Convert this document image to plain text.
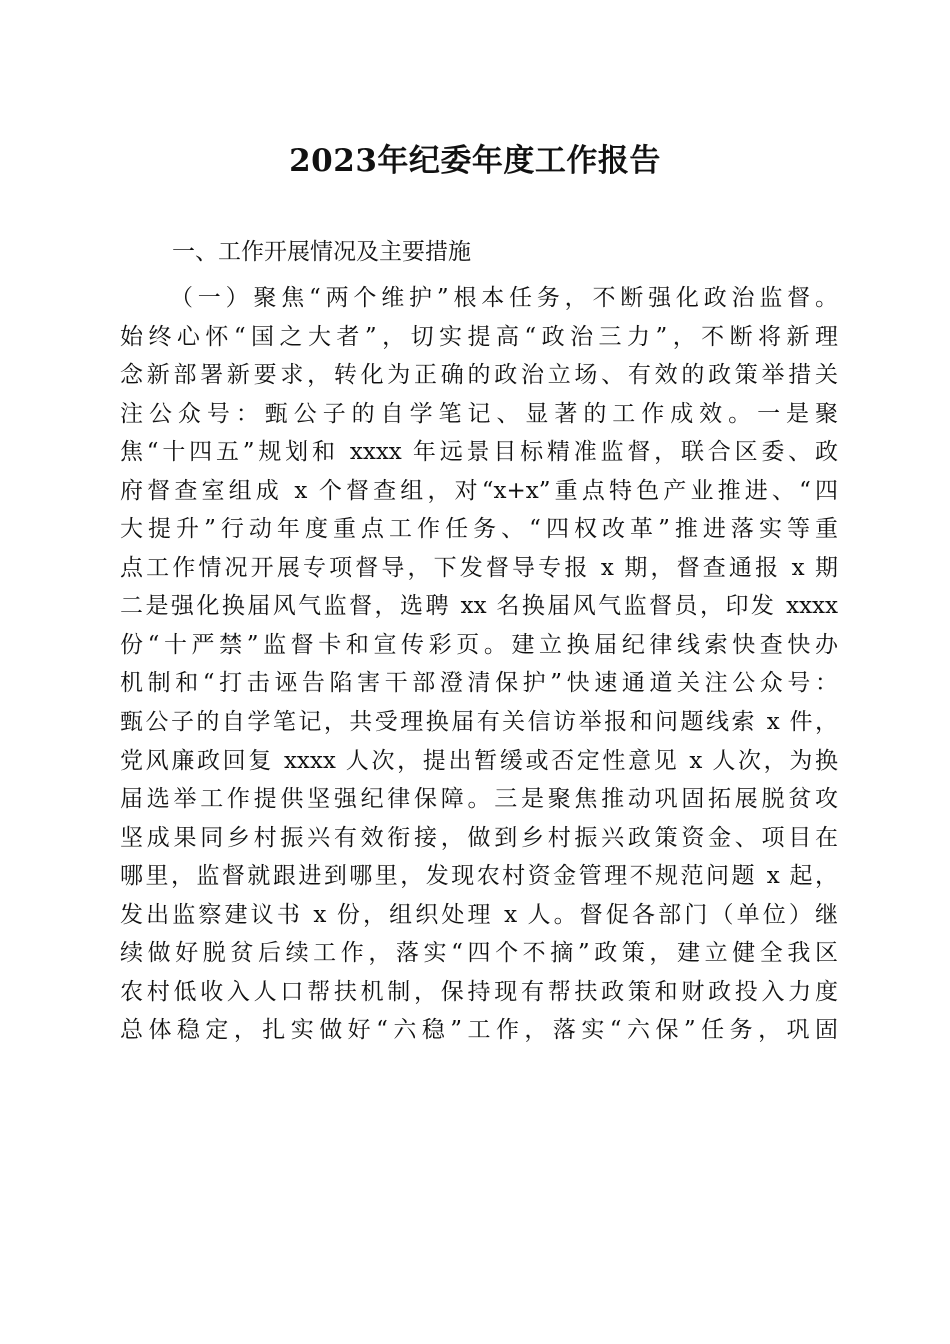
2023年纪委年度工作报告
一、工作开展情况及主要措施
（一）聚焦“两个维护”根本任务，不断强化政治监督。
始终心怀“国之大者”，切实提高“政治三力”，不断将新理
念新部署新要求，转化为正确的政治立场、有效的政策举措关
注公众号：甄公子的自学笔记、显著的工作成效。一是聚
焦“十四五”规划和 xxxx 年远景目标精准监督，联合区委、政
府督查室组成 x 个督查组，对“x+x”重点特色产业推进、“四
大提升”行动年度重点工作任务、“四权改革”推进落实等重
点工作情况开展专项督导，下发督导专报 x 期，督查通报 x 期
二是强化换届风气监督，选聘 xx 名换届风气监督员，印发 xxxx
份“十严禁”监督卡和宣传彩页。建立换届纪律线索快查快办
机制和“打击诬告陷害干部澄清保护”快速通道关注公众号：
甄公子的自学笔记，共受理换届有关信访举报和问题线索 x 件，
党风廉政回复 xxxx 人次，提出暂缓或否定性意见 x 人次，为换
届选举工作提供坚强纪律保障。三是聚焦推动巩固拓展脱贫攻
坚成果同乡村振兴有效衔接，做到乡村振兴政策资金、项目在
哪里，监督就跟进到哪里，发现农村资金管理不规范问题 x 起，
发出监察建议书 x 份，组织处理 x 人。督促各部门（单位）继
续做好脱贫后续工作，落实“四个不摘”政策，建立健全我区
农村低收入人口帮扶机制，保持现有帮扶政策和财政投入力度
总体稳定，扎实做好“六稳”工作，落实“六保”任务，巩固
